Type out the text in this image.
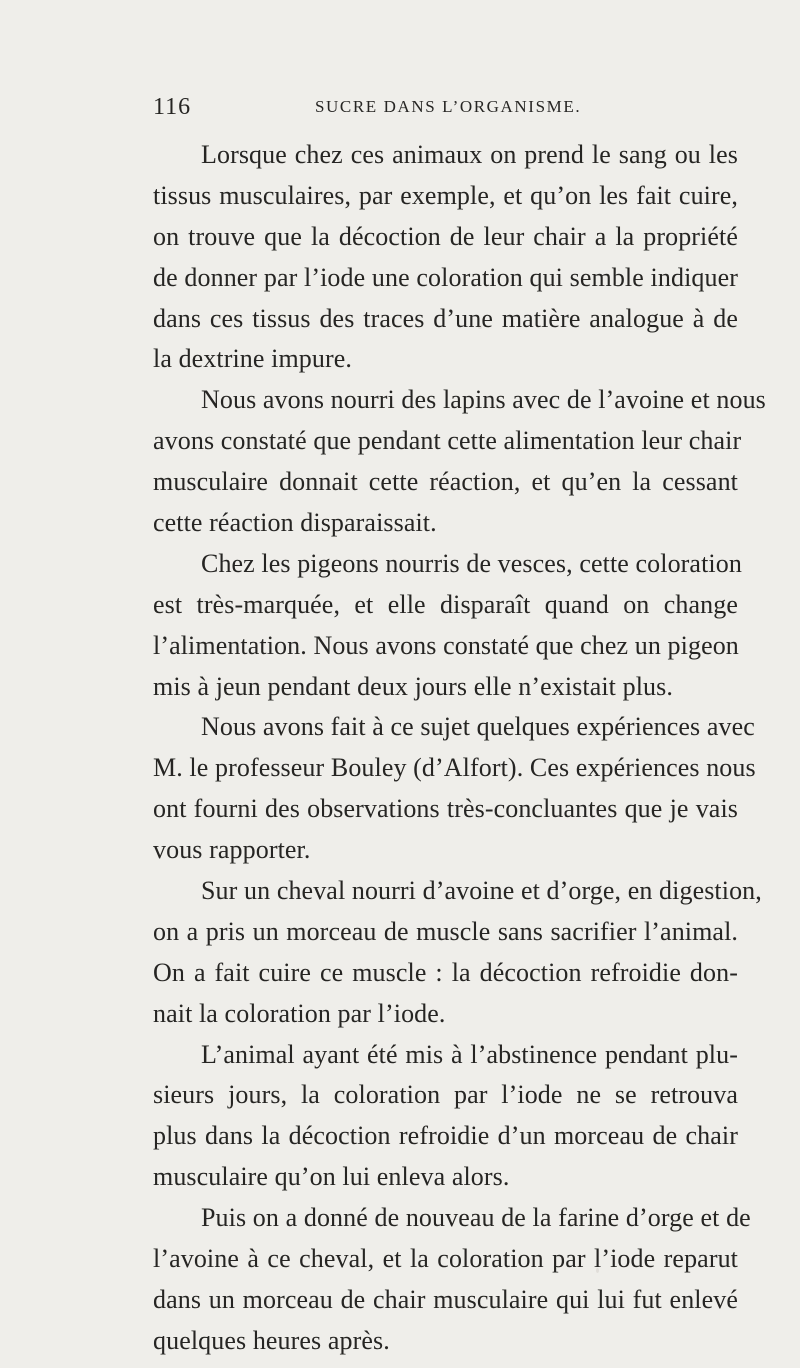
116	SUCRE DANS L’ORGANISME.
Lorsque chez ces animaux on prend le sang ou les
tissus musculaires, par exemple, et qu’on les fait cuire,
on trouve que la décoction de leur chair a la propriété
de donner par l’iode une coloration qui semble indiquer
dans ces tissus des traces d’une matière analogue à de
la dextrine impure.
Nous avons nourri des lapins avec de l’avoine et nous
avons constaté que pendant cette alimentation leur chair
musculaire donnait cette réaction, et qu’en la cessant
cette réaction disparaissait.
Chez les pigeons nourris de vesces, cette coloration
est très-marquée, et elle disparaît quand on change
l’alimentation. Nous avons constaté que chez un pigeon
mis à jeun pendant deux jours elle n’existait plus.
Nous avons fait à ce sujet quelques expériences avec
M. le professeur Bouley (d’Alfort). Ces expériences nous
ont fourni des observations très-concluantes que je vais
vous rapporter.
Sur un cheval nourri d’avoine et d’orge, en digestion,
on a pris un morceau de muscle sans sacrifier l’animal.
On a fait cuire ce muscle : la décoction refroidie don-
nait la coloration par l’iode.
L’animal ayant été mis à l’abstinence pendant plu-
sieurs jours, la coloration par l’iode ne se retrouva
plus dans la décoction refroidie d’un morceau de chair
musculaire qu’on lui enleva alors.
Puis on a donné de nouveau de la farine d’orge et de
l’avoine à ce cheval, et la coloration par l’iode reparut
dans un morceau de chair musculaire qui lui fut enlevé
quelques heures après.
